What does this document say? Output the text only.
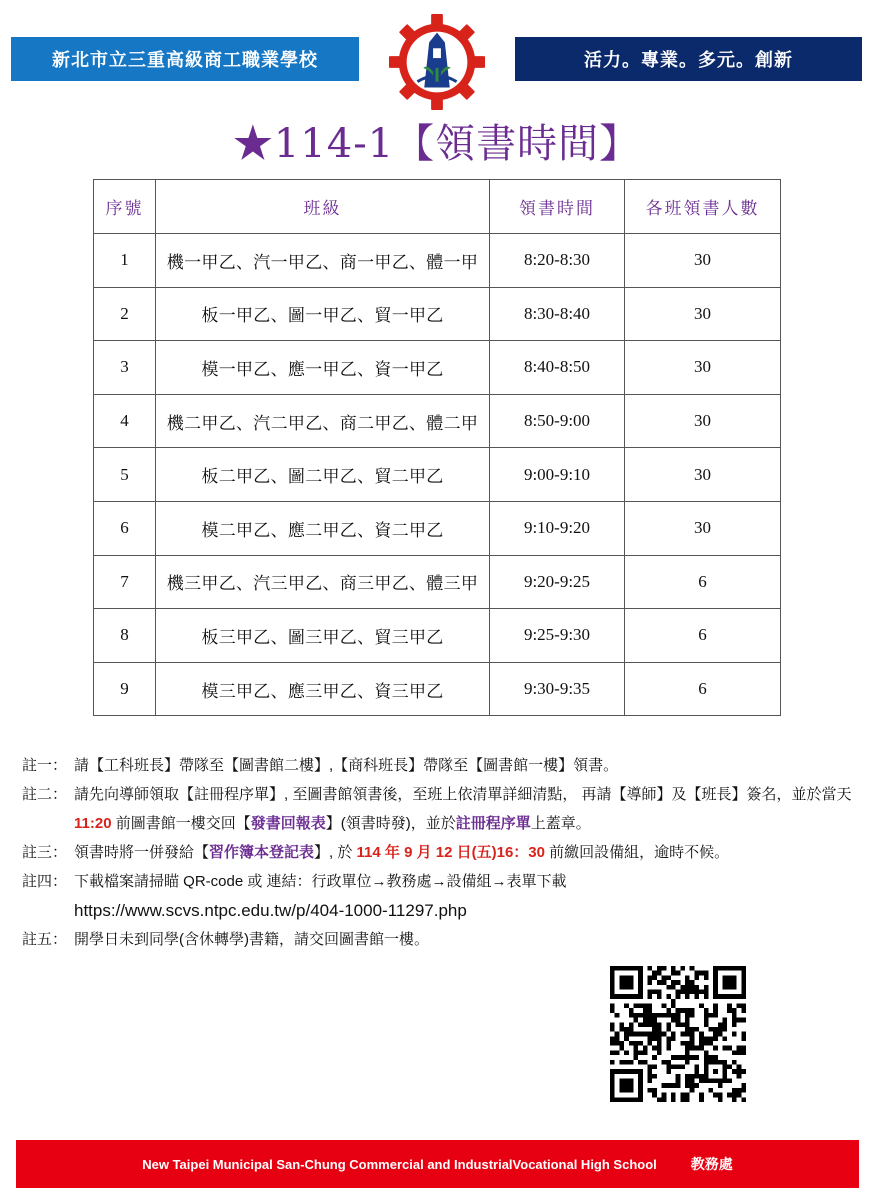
新北市立三重高級商工職業學校	活力。專業。多元。創新
★114-1【領書時間】
序號	班級	領書時間	各班領書人數
1	機一甲乙、汽一甲乙、商一甲乙、體一甲	8:20-8:30	30
2	板一甲乙、圖一甲乙、貿一甲乙	8:30-8:40	30
3	模一甲乙、應一甲乙、資一甲乙	8:40-8:50	30
4	機二甲乙、汽二甲乙、商二甲乙、體二甲	8:50-9:00	30
5	板二甲乙、圖二甲乙、貿二甲乙	9:00-9:10	30
6	模二甲乙、應二甲乙、資二甲乙	9:10-9:20	30
7	機三甲乙、汽三甲乙、商三甲乙、體三甲	9:20-9:25	6
8	板三甲乙、圖三甲乙、貿三甲乙	9:25-9:30	6
9	模三甲乙、應三甲乙、資三甲乙	9:30-9:35	6
註一： 請【工科班長】帶隊至【圖書館二樓】,【商科班長】帶隊至【圖書館一樓】領書。
註二： 請先向導師領取【註冊程序單】, 至圖書館領書後，至班上依清單詳細清點， 再請【導師】及【班長】簽名，並於當天 11:20 前圖書館一樓交回【發書回報表】(領書時發)，並於註冊程序單上蓋章。
註三： 領書時將一併發給【習作簿本登記表】, 於 114 年 9 月 12 日(五)16：30 前繳回設備組，逾時不候。
註四： 下載檔案請掃瞄 QR-code 或 連結：行政單位→教務處→設備組→表單下載
https://www.scvs.ntpc.edu.tw/p/404-1000-11297.php
註五： 開學日未到同學(含休轉學)書籍，請交回圖書館一樓。
New Taipei Municipal San-Chung Commercial and IndustrialVocational High School 教務處
